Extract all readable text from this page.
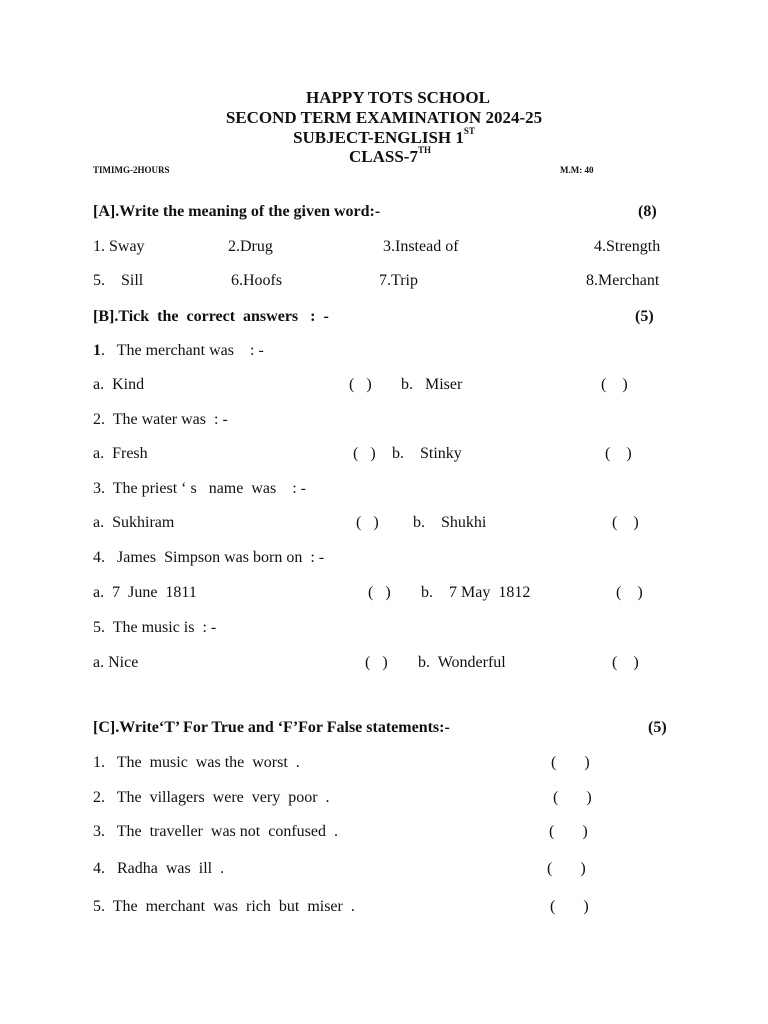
HAPPY TOTS SCHOOL
SECOND TERM EXAMINATION 2024-25
SUBJECT-ENGLISH 1ST
CLASS-7TH
TIMIMG-2HOURS	M.M: 40
[A].Write the meaning of the given word:-	(8)
1. Sway	2.Drug	3.Instead of	4.Strength
5.    Sill	6.Hoofs	7.Trip	8.Merchant
[B].Tick  the  correct  answers   :  -	(5)
1.   The merchant was    : -
a.  Kind	(   ) b.   Miser	(    )
2.  The water was  : -
a.  Fresh	(   ) b.    Stinky	(    )
3.  The priest ‘ s   name  was    : -
a.  Sukhiram	(   ) b.    Shukhi	(    )
4.   James  Simpson was born on  : -
a.  7  June  1811	(   ) b.    7 May  1812	(    )
5.  The music is  : -
a. Nice	(   ) b.  Wonderful	(    )
[C].Write‘T’ For True and ‘F’For False statements:-	(5)
1.   The  music  was the  worst  .	(       )
2.   The  villagers  were  very  poor  .	(       )
3.   The  traveller  was not  confused  .	(       )
4.   Radha  was  ill  .	(       )
5.  The  merchant  was  rich  but  miser  .	(       )
